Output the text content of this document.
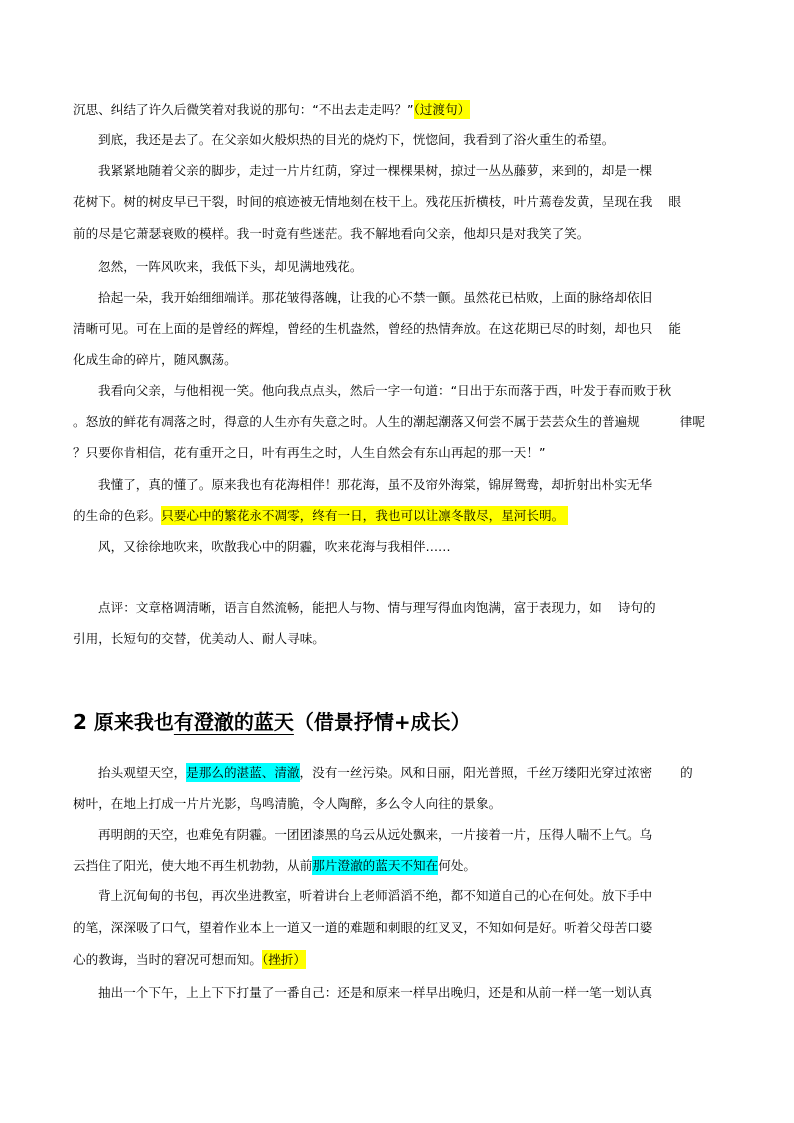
2 原来我也有澄澈的蓝天（借景抒情+成长）
沉思、纠结了许久后微笑着对我说的那句：“不出去走走吗？”（过渡句）
到底，我还是去了。在父亲如火般炽热的目光的烧灼下，恍惚间，我看到了浴火重生的希望。
我紧紧地随着父亲的脚步，走过一片片红荫，穿过一棵棵果树，掠过一丛丛藤萝，来到的，却是一棵
花树下。树的树皮早已干裂，时间的痕迹被无情地刻在枝干上。残花压折横枝，叶片蔫卷发黄，呈现在我    眼
前的尽是它萧瑟衰败的模样。我一时竟有些迷茫。我不解地看向父亲，他却只是对我笑了笑。
忽然，一阵风吹来，我低下头，却见满地残花。
拾起一朵，我开始细细端详。那花皱得落魄，让我的心不禁一颤。虽然花已枯败，上面的脉络却依旧
清晰可见。可在上面的是曾经的辉煌，曾经的生机盎然，曾经的热情奔放。在这花期已尽的时刻，却也只    能
化成生命的碎片，随风飘荡。
我看向父亲，与他相视一笑。他向我点点头，然后一字一句道：“日出于东而落于西，叶发于春而败于秋
。怒放的鲜花有凋落之时，得意的人生亦有失意之时。人生的潮起潮落又何尝不属于芸芸众生的普遍规          律呢
？只要你肯相信，花有重开之日，叶有再生之时，人生自然会有东山再起的那一天！”
我懂了，真的懂了。原来我也有花海相伴！那花海，虽不及帘外海棠，锦屏鸳鸯，却折射出朴实无华
的生命的色彩。只要心中的繁花永不凋零，终有一日，我也可以让凛冬散尽，星河长明。
风，又徐徐地吹来，吹散我心中的阴霾，吹来花海与我相伴……
点评：文章格调清晰，语言自然流畅，能把人与物、情与理写得血肉饱满，富于表现力，如    诗句的
引用，长短句的交替，优美动人、耐人寻味。
抬头观望天空，是那么的湛蓝、清澈，没有一丝污染。风和日丽，阳光普照，千丝万缕阳光穿过浓密       的
树叶，在地上打成一片片光影，鸟鸣清脆，令人陶醉，多么令人向往的景象。
再明朗的天空，也难免有阴霾。一团团漆黑的乌云从远处飘来，一片接着一片，压得人喘不上气。乌
云挡住了阳光，使大地不再生机勃勃，从前那片澄澈的蓝天不知在何处。
背上沉甸甸的书包，再次坐进教室，听着讲台上老师滔滔不绝，都不知道自己的心在何处。放下手中
的笔，深深吸了口气，望着作业本上一道又一道的难题和刺眼的红叉叉，不知如何是好。听着父母苦口婆
心的教诲，当时的窘况可想而知。（挫折）
抽出一个下午，上上下下打量了一番自己：还是和原来一样早出晚归，还是和从前一样一笔一划认真
